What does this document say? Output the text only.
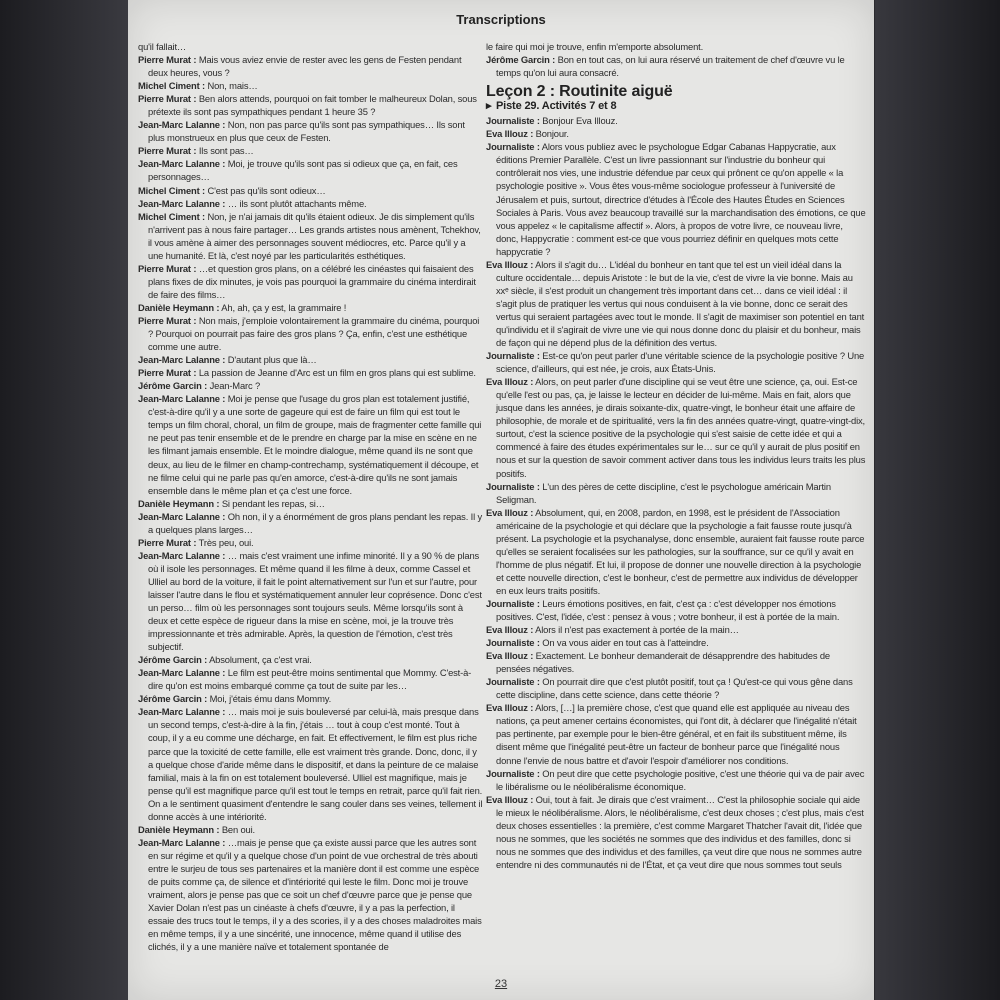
Transcriptions

qu'il fallait…

Pierre Murat : Mais vous aviez envie de rester avec les gens de Festen pendant deux heures, vous ?

Michel Ciment : Non, mais…

Pierre Murat : Ben alors attends, pourquoi on fait tomber le malheureux Dolan, sous prétexte ils sont pas sympathiques pendant 1 heure 35 ?

Jean-Marc Lalanne : Non, non pas parce qu'ils sont pas sympathiques… Ils sont plus monstrueux en plus que ceux de Festen.

Pierre Murat : Ils sont pas…

Jean-Marc Lalanne : Moi, je trouve qu'ils sont pas si odieux que ça, en fait, ces personnages…

Michel Ciment : C'est pas qu'ils sont odieux…

Jean-Marc Lalanne : … ils sont plutôt attachants même.

Michel Ciment : Non, je n'ai jamais dit qu'ils étaient odieux. Je dis simplement qu'ils n'arrivent pas à nous faire partager… Les grands artistes nous amènent, Tchekhov, il vous amène à aimer des personnages souvent médiocres, etc. Parce qu'il y a une humanité. Et là, c'est noyé par les particularités esthétiques.

Pierre Murat : …et question gros plans, on a célébré les cinéastes qui faisaient des plans fixes de dix minutes, je vois pas pourquoi la grammaire du cinéma interdirait de faire des films…

Danièle Heymann : Ah, ah, ça y est, la grammaire !

Pierre Murat : Non mais, j'emploie volontairement la grammaire du cinéma, pourquoi ? Pourquoi on pourrait pas faire des gros plans ? Ça, enfin, c'est une esthétique comme une autre.

Jean-Marc Lalanne : D'autant plus que là…

Pierre Murat : La passion de Jeanne d'Arc est un film en gros plans qui est sublime.

Jérôme Garcin : Jean-Marc ?

Jean-Marc Lalanne : Moi je pense que l'usage du gros plan est totalement justifié, c'est-à-dire qu'il y a une sorte de gageure qui est de faire un film qui est tout le temps un film choral, choral, un film de groupe, mais de fragmenter cette famille qui ne peut pas tenir ensemble et de le prendre en charge par la mise en scène en ne les filmant jamais ensemble. Et le moindre dialogue, même quand ils ne sont que deux, au lieu de le filmer en champ-contrechamp, systématiquement il découpe, et ne filme celui qui ne parle pas qu'en amorce, c'est-à-dire qu'ils ne sont jamais ensemble dans le même plan et ça c'est une force.

Danièle Heymann : Si pendant les repas, si…

Jean-Marc Lalanne : Oh non, il y a énormément de gros plans pendant les repas. Il y a quelques plans larges…

Pierre Murat : Très peu, oui.

Jean-Marc Lalanne : … mais c'est vraiment une infime minorité. Il y a 90 % de plans où il isole les personnages. Et même quand il les filme à deux, comme Cassel et Ulliel au bord de la voiture, il fait le point alternativement sur l'un et sur l'autre, pour laisser l'autre dans le flou et systématiquement annuler leur coprésence. Donc c'est un perso… film où les personnages sont toujours seuls. Même lorsqu'ils sont à deux et cette espèce de rigueur dans la mise en scène, moi, je la trouve très impressionnante et très admirable. Après, la question de l'émotion, c'est très subjectif.

Jérôme Garcin : Absolument, ça c'est vrai.

Jean-Marc Lalanne : Le film est peut-être moins sentimental que Mommy. C'est-à-dire qu'on est moins embarqué comme ça tout de suite par les…

Jérôme Garcin : Moi, j'étais ému dans Mommy.

Jean-Marc Lalanne : … mais moi je suis bouleversé par celui-là, mais presque dans un second temps, c'est-à-dire à la fin, j'étais … tout à coup c'est monté. Tout à coup, il y a eu comme une décharge, en fait. Et effectivement, le film est plus riche parce que la toxicité de cette famille, elle est vraiment très grande. Donc, donc, il y a quelque chose d'aride même dans le dispositif, et dans la peinture de ce malaise familial, mais à la fin on est totalement bouleversé. Ulliel est magnifique, mais je pense qu'il est magnifique parce qu'il est tout le temps en retrait, parce qu'il fait rien. On a le sentiment quasiment d'entendre le sang couler dans ses veines, tellement il donne accès à une intériorité.

Danièle Heymann : Ben oui.

Jean-Marc Lalanne : …mais je pense que ça existe aussi parce que les autres sont en sur régime et qu'il y a quelque chose d'un point de vue orchestral de très abouti entre le surjeu de tous ses partenaires et la manière dont il est comme une espèce de puits comme ça, de silence et d'intériorité qui leste le film. Donc moi je trouve vraiment, alors je pense pas que ce soit un chef d'œuvre parce que je pense que Xavier Dolan n'est pas un cinéaste à chefs d'œuvre, il y a pas la perfection, il essaie des trucs tout le temps, il y a des scories, il y a des choses maladroites mais en même temps, il y a une sincérité, une innocence, même quand il utilise des clichés, il y a une manière naïve et totalement spontanée de

le faire qui moi je trouve, enfin m'emporte absolument.

Jérôme Garcin : Bon en tout cas, on lui aura réservé un traitement de chef d'œuvre vu le temps qu'on lui aura consacré.

Leçon 2 : Routinite aiguë
▸ Piste 29. Activités 7 et 8

Journaliste : Bonjour Eva Illouz.

Eva Illouz : Bonjour.

Journaliste : Alors vous publiez avec le psychologue Edgar Cabanas Happycratie, aux éditions Premier Parallèle. C'est un livre passionnant sur l'industrie du bonheur qui contrôlerait nos vies, une industrie défendue par ceux qui prônent ce qu'on appelle « la psychologie positive ». Vous êtes vous-même sociologue professeur à l'université de Jérusalem et puis, surtout, directrice d'études à l'École des Hautes Études en Sciences Sociales à Paris. Vous avez beaucoup travaillé sur la marchandisation des émotions, ce que vous appelez « le capitalisme affectif ». Alors, à propos de votre livre, ce nouveau livre, donc, Happycratie : comment est-ce que vous pourriez définir en quelques mots cette happycratie ?

Eva Illouz : Alors il s'agit du… L'idéal du bonheur en tant que tel est un vieil idéal dans la culture occidentale… depuis Aristote : le but de la vie, c'est de vivre la vie bonne. Mais au xxᵉ siècle, il s'est produit un changement très important dans cet… dans ce vieil idéal : il s'agit plus de pratiquer les vertus qui nous conduisent à la vie bonne, donc ce serait des vertus qui seraient partagées avec tout le monde. Il s'agit de maximiser son potentiel en tant qu'individu et il s'agirait de vivre une vie qui nous donne donc du plaisir et du bonheur, mais de façon qui ne dépend plus de la définition des vertus.

Journaliste : Est-ce qu'on peut parler d'une véritable science de la psychologie positive ? Une science, d'ailleurs, qui est née, je crois, aux États-Unis.

Eva Illouz : Alors, on peut parler d'une discipline qui se veut être une science, ça, oui. Est-ce qu'elle l'est ou pas, ça, je laisse le lecteur en décider de lui-même. Mais en fait, alors que jusque dans les années, je dirais soixante-dix, quatre-vingt, le bonheur était une affaire de philosophie, de morale et de spiritualité, vers la fin des années quatre-vingt, quatre-vingt-dix, surtout, c'est la science positive de la psychologie qui s'est saisie de cette idée et qui a commencé à faire des études expérimentales sur le… sur ce qu'il y aurait de plus positif en nous et sur la question de savoir comment activer dans tous les individus leurs traits les plus positifs.

Journaliste : L'un des pères de cette discipline, c'est le psychologue américain Martin Seligman.

Eva Illouz : Absolument, qui, en 2008, pardon, en 1998, est le président de l'Association américaine de la psychologie et qui déclare que la psychologie a fait fausse route jusqu'à présent. La psychologie et la psychanalyse, donc ensemble, auraient fait fausse route parce qu'elles se seraient focalisées sur les pathologies, sur la souffrance, sur ce qu'il y avait en l'homme de plus négatif. Et lui, il propose de donner une nouvelle direction à la psychologie et cette nouvelle direction, c'est le bonheur, c'est de permettre aux individus de développer en eux leurs traits positifs.

Journaliste : Leurs émotions positives, en fait, c'est ça : c'est développer nos émotions positives. C'est, l'idée, c'est : pensez à vous ; votre bonheur, il est à portée de la main.

Eva Illouz : Alors il n'est pas exactement à portée de la main…

Journaliste : On va vous aider en tout cas à l'atteindre.

Eva Illouz : Exactement. Le bonheur demanderait de désapprendre des habitudes de pensées négatives.

Journaliste : On pourrait dire que c'est plutôt positif, tout ça ! Qu'est-ce qui vous gêne dans cette discipline, dans cette science, dans cette théorie ?

Eva Illouz : Alors, […] la première chose, c'est que quand elle est appliquée au niveau des nations, ça peut amener certains économistes, qui l'ont dit, à déclarer que l'inégalité n'était pas pertinente, par exemple pour le bien-être général, et en fait ils substituent même, ils disent même que l'inégalité peut-être un facteur de bonheur parce que l'inégalité nous donne l'envie de nous battre et d'avoir l'espoir d'améliorer nos conditions.

Journaliste : On peut dire que cette psychologie positive, c'est une théorie qui va de pair avec le libéralisme ou le néolibéralisme économique.

Eva Illouz : Oui, tout à fait. Je dirais que c'est vraiment… C'est la philosophie sociale qui aide le mieux le néolibéralisme. Alors, le néolibéralisme, c'est deux choses ; c'est plus, mais c'est deux choses essentielles : la première, c'est comme Margaret Thatcher l'avait dit, l'idée que nous ne sommes, que les sociétés ne sommes que des individus et des familles, donc si nous ne sommes que des individus et des familles, ça veut dire que nous ne sommes autre entendre ni des communautés ni de l'État, et ça veut dire que nous sommes tout seuls

23
